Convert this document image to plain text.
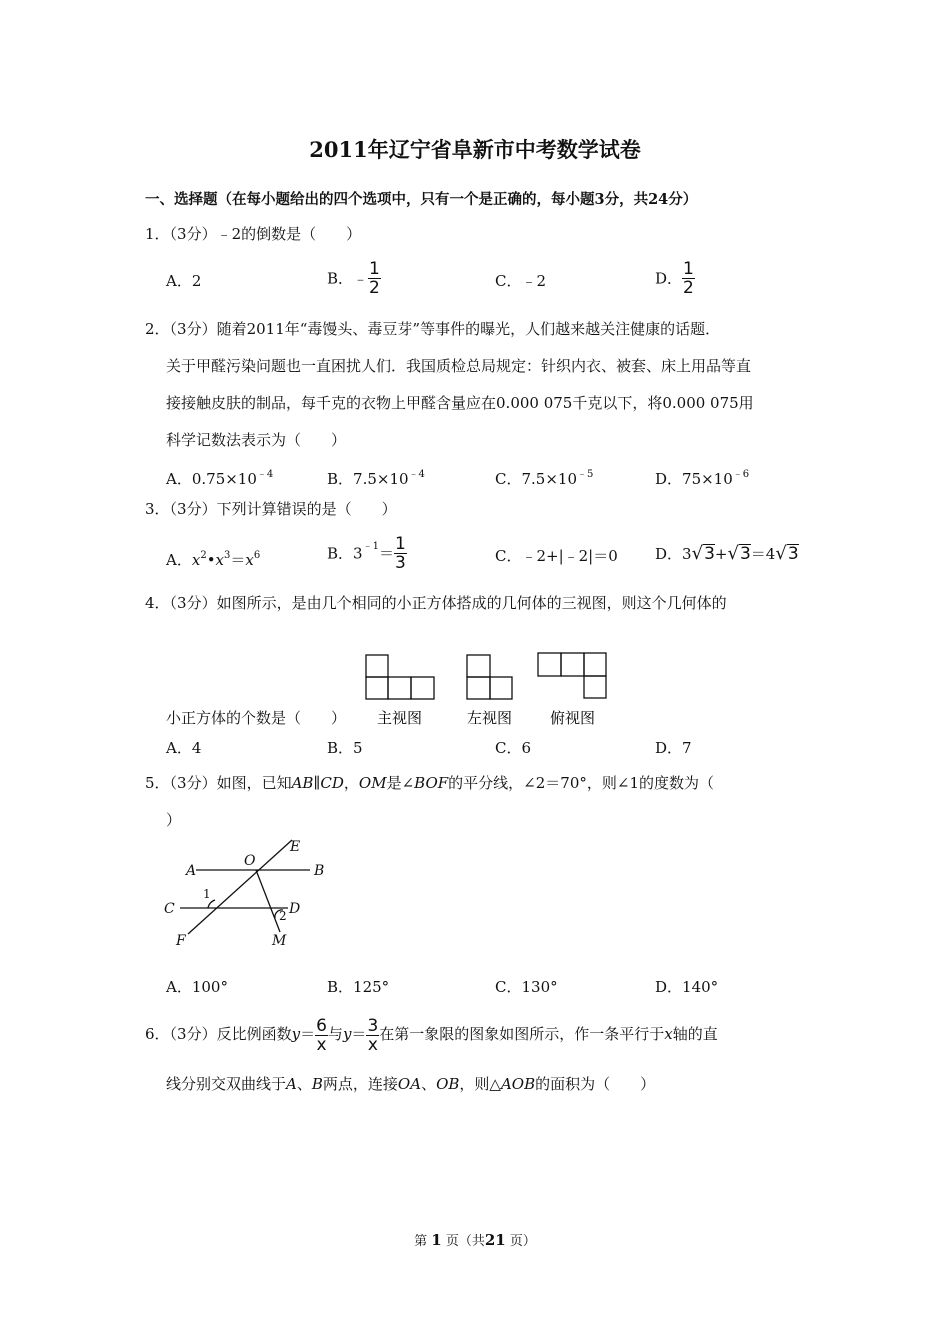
2011年辽宁省阜新市中考数学试卷
一、选择题（在每小题给出的四个选项中，只有一个是正确的，每小题3分，共24分）
1．（3分）﹣2的倒数是（　　）
A．2	B．﹣ $\frac{1}{2}$	C．﹣2	D． $\frac{1}{2}$
2．（3分）随着2011年“毒馒头、毒豆芽”等事件的曝光，人们越来越关注健康的话题．
关于甲醛污染问题也一直困扰人们．我国质检总局规定：针织内衣、被套、床上用品等直
接接触皮肤的制品，每千克的衣物上甲醛含量应在0.000 075千克以下，将0.000 075用
科学记数法表示为（　　）
A．$0.75\times 10^{﹣4}$	B．$7.5\times 10^{﹣4}$	C．$7.5\times 10^{﹣5}$	D．$75\times 10^{﹣6}$
3．（3分）下列计算错误的是（　　）
A．$x^2•x^3=x^6$	B．$3^{﹣1}= \frac{1}{3}$	C．﹣2+|﹣2|＝0 D．3√3+√3＝4√3
4．（3分）如图所示，是由几个相同的小正方体搭成的几何体的三视图，则这个几何体的
主视图	左视图	俯视图
小正方体的个数是（　　）
A．4	B．5	C．6	D．7
5．（3分）如图，已知AB∥CD，OM是∠BOF的平分线，∠2＝70°，则∠1的度数为（
）
A
O
E
B
C	D
F	M
1
2
A．100°	B．125°	C．130°	D．140°
6．（3分）反比例函数$y= \frac{6}{x}$ 与$y= \frac{3}{x}$ 在第一象限的图象如图所示，作一条平行于x轴的直
线分别交双曲线于A、B两点，连接OA、OB，则△AOB的面积为（　　）
第 1 页（共21 页）
